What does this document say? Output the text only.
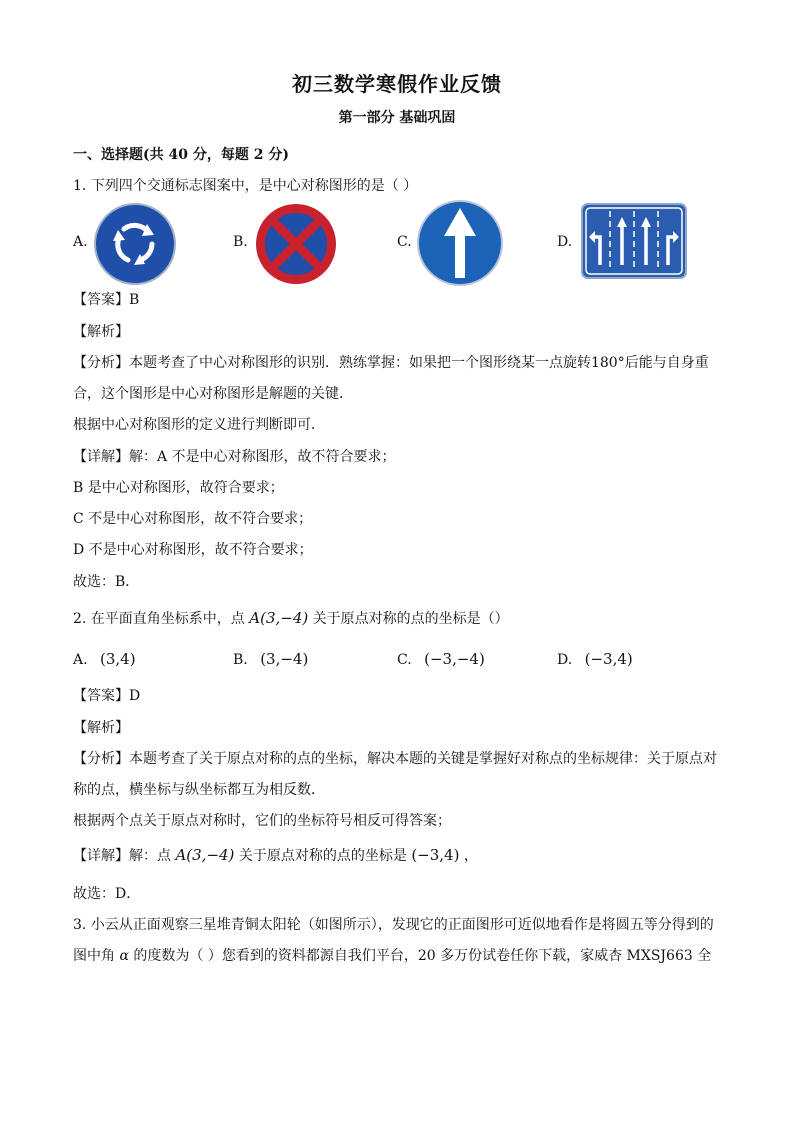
初三数学寒假作业反馈
第一部分 基础巩固
一、选择题(共 40 分，每题 2 分)
1. 下列四个交通标志图案中，是中心对称图形的是（ ）
A.	B.	C.	D.
【答案】B
【解析】
【分析】本题考查了中心对称图形的识别．熟练掌握：如果把一个图形绕某一点旋转180°后能与自身重
合，这个图形是中心对称图形是解题的关键．
根据中心对称图形的定义进行判断即可．
【详解】解：A 不是中心对称图形，故不符合要求；
B 是中心对称图形，故符合要求；
C 不是中心对称图形，故不符合要求；
D 不是中心对称图形，故不符合要求；
故选：B．
2. 在平面直角坐标系中，点 A(3,−4) 关于原点对称的点的坐标是（）
A. (3,4)	B. (3,−4)	C. (−3,−4)	D. (−3,4)
【答案】D
【解析】
【分析】本题考查了关于原点对称的点的坐标，解决本题的关键是掌握好对称点的坐标规律：关于原点对
称的点，横坐标与纵坐标都互为相反数．
根据两个点关于原点对称时，它们的坐标符号相反可得答案；
【详解】解：点 A(3,−4) 关于原点对称的点的坐标是 (−3,4) ，
故选：D．
3. 小云从正面观察三星堆青铜太阳轮（如图所示），发现它的正面图形可近似地看作是将圆五等分得到的
图中角 α 的度数为（ ）您看到的资料都源自我们平台，20 多万份试卷任你下载，家威杏 MXSJ663 全
